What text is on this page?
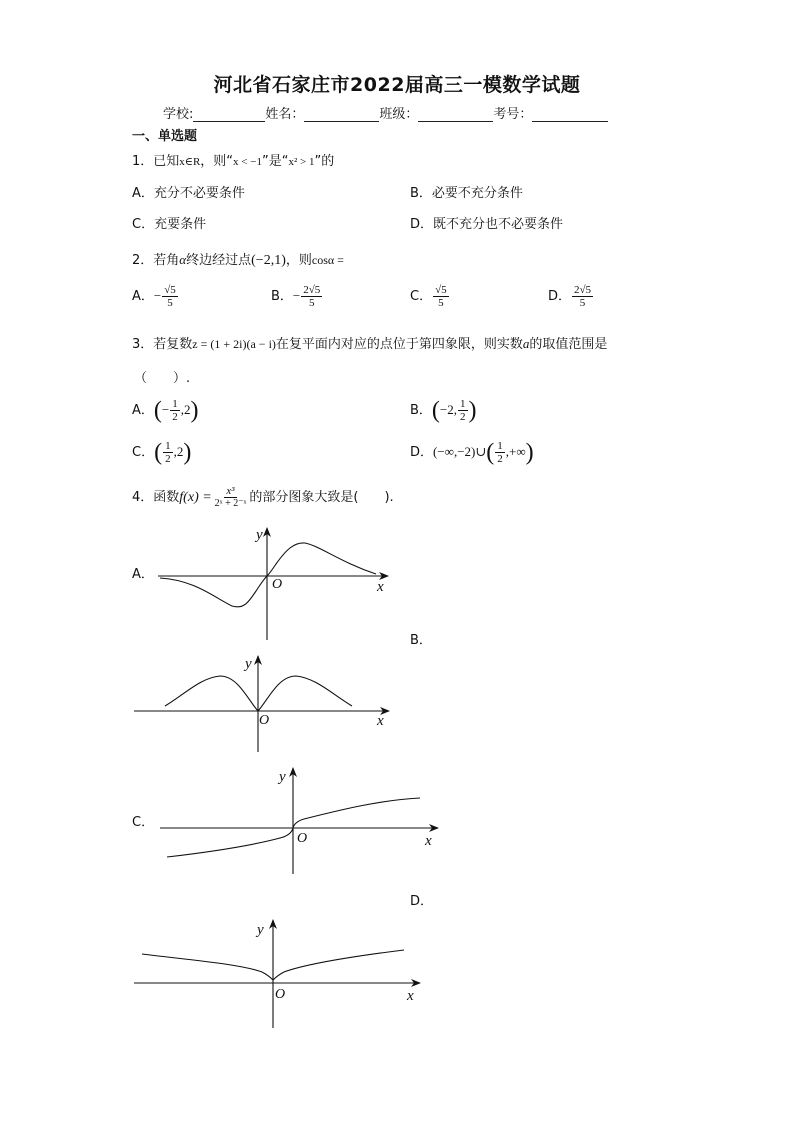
河北省石家庄市2022届高三一模数学试题
学校:	姓名：	班级：	考号：
一、单选题
1．已知x∈R，则“x < −1”是“x² > 1”的
A．充分不必要条件	B．必要不充分条件
C．充要条件	D．既不充分也不必要条件
2．若角α终边经过点(−2,1)，则cosα =
A．− $\frac{√5}{5}$	B．− $\frac{2√5}{5}$	C． $\frac{√5}{5}$	D． $\frac{2√5}{5}$
3．若复数z = (1 + 2i)(a − i)在复平面内对应的点位于第四象限，则实数a的取值范围是
（　　）.
A．(− $\frac{1}{2} ,2$)	B．(−2, $\frac{1}{2}$ )
C．( $\frac{1}{2} ,2$)	D．(−∞,−2)∪( $\frac{1}{2}$ ,+∞)
4．函数$f(x) = \frac{\text{x³}}{\text{2ˣ + 2⁻ˣ}}$ 的部分图象大致是(　　).
A．
B．
C．
D．
y
x
O
y
x
O
y
x
O
y
x
O
